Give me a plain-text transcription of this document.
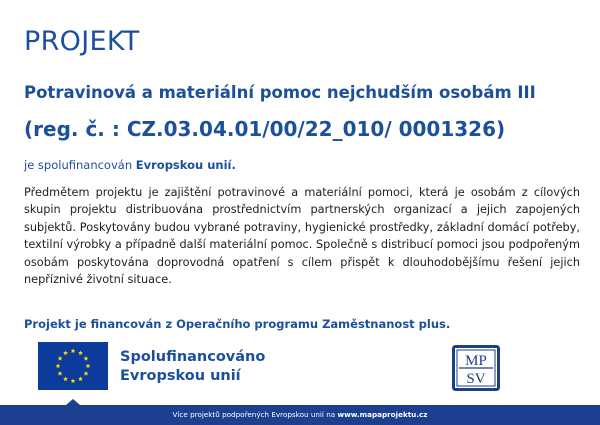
PROJEKT
Potravinová a materiální pomoc nejchudším osobám III
(reg. č. : CZ.03.04.01/00/22_010/ 0001326)
je spolufinancován Evropskou unií.

Předmětem projektu je zajištění potravinové a materiální pomoci, která je osobám z cílových skupin projektu distribuována prostřednictvím partnerských organizací a jejich zapojených subjektů. Poskytovány budou vybrané potraviny, hygienické prostředky, základní domácí potřeby, textilní výrobky a případně další materiální pomoc. Společně s distribucí pomoci jsou podpořeným osobám poskytována doprovodná opatření s cílem přispět k dlouhodobějšímu řešení jejich nepříznivé životní situace.

Projekt je financován z Operačního programu Zaměstnanost plus.
Spolufinancováno
Evropskou unií
MP
SV
Více projektů podpořených Evropskou unií na www.mapaprojektu.cz
